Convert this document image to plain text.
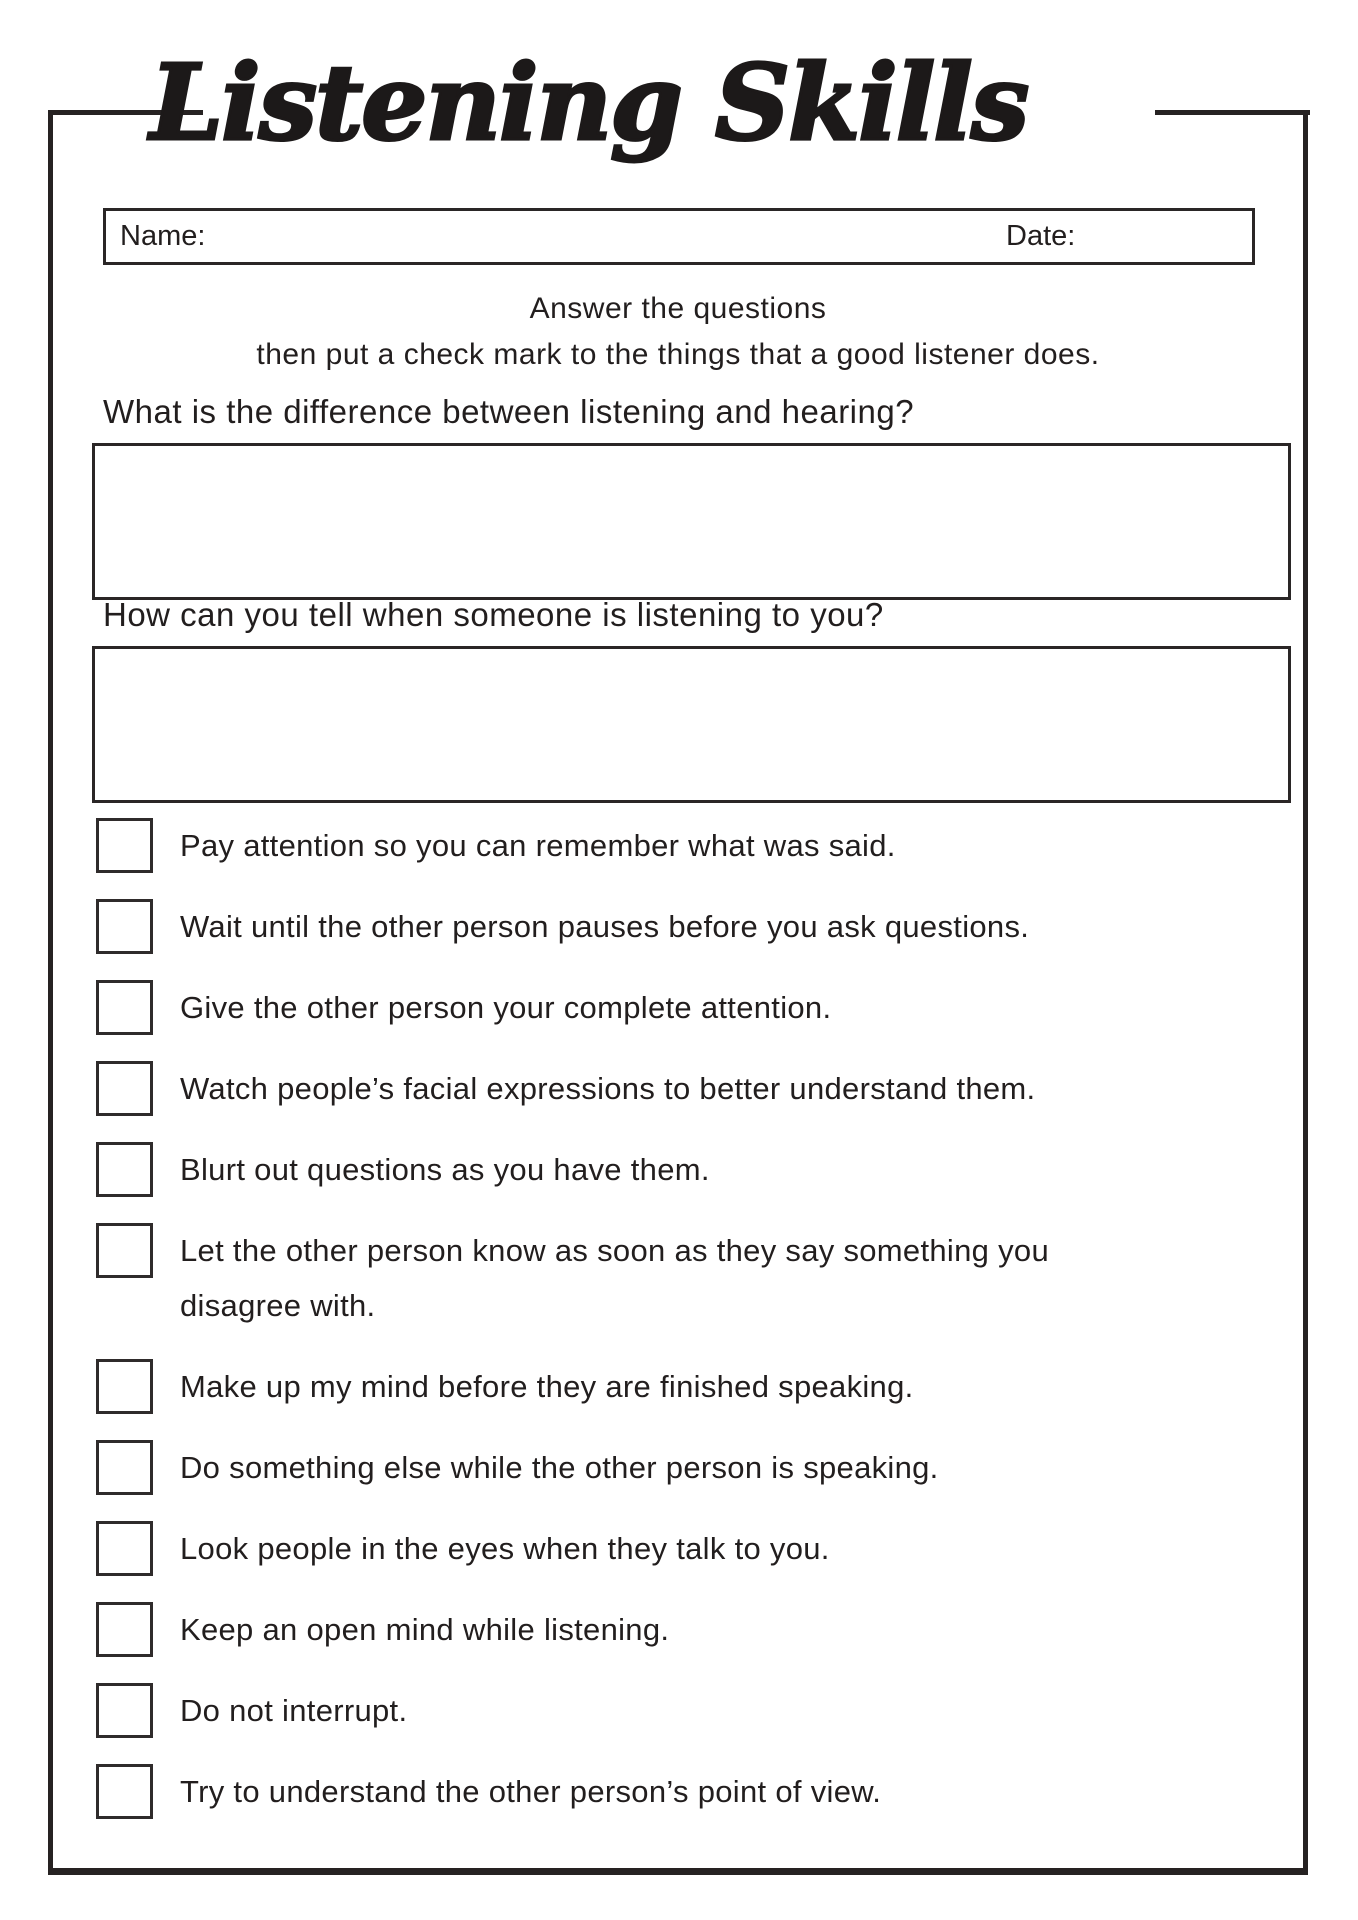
Listening Skills
Name:	Date:
Answer the questions
then put a check mark to the things that a good listener does.
What is the difference between listening and hearing?
How can you tell when someone is listening to you?
Pay attention so you can remember what was said.
Wait until the other person pauses before you ask questions.
Give the other person your complete attention.
Watch people’s facial expressions to better understand them.
Blurt out questions as you have them.
Let the other person know as soon as they say something you disagree with.
Make up my mind before they are finished speaking.
Do something else while the other person is speaking.
Look people in the eyes when they talk to you.
Keep an open mind while listening.
Do not interrupt.
Try to understand the other person’s point of view.
